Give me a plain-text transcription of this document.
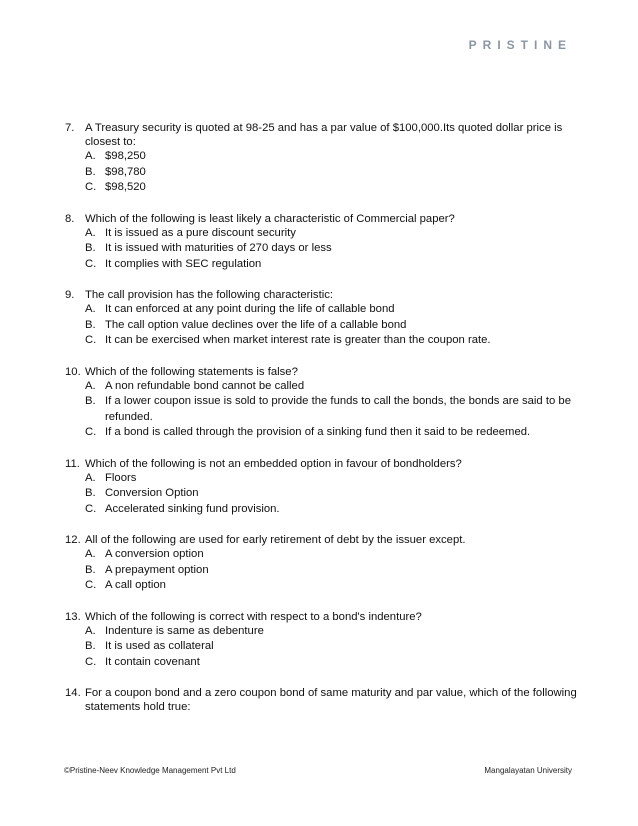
PRISTINE
7. A Treasury security is quoted at 98-25 and has a par value of $100,000.Its quoted dollar price is closest to:
A. $98,250
B. $98,780
C. $98,520
8. Which of the following is least likely a characteristic of Commercial paper?
A. It is issued as a pure discount security
B. It is issued with maturities of 270 days or less
C. It complies with SEC regulation
9. The call provision has the following characteristic:
A. It can enforced at any point during the life of callable bond
B. The call option value declines over the life of a callable bond
C. It can be exercised when market interest rate is greater than the coupon rate.
10. Which of the following statements is false?
A. A non refundable bond cannot be called
B. If a lower coupon issue is sold to provide the funds to call the bonds, the bonds are said to be refunded.
C. If a bond is called through the provision of a sinking fund then it said to be redeemed.
11. Which of the following is not an embedded option in favour of bondholders?
A. Floors
B. Conversion Option
C. Accelerated sinking fund provision.
12. All of the following are used for early retirement of debt by the issuer except.
A. A conversion option
B. A prepayment option
C. A call option
13. Which of the following is correct with respect to a bond's indenture?
A. Indenture is same as debenture
B. It is used as collateral
C. It contain covenant
14. For a coupon bond and a zero coupon bond of same maturity and par value, which of the following statements hold true:
©Pristine-Neev Knowledge Management Pvt Ltd	Mangalayatan University
